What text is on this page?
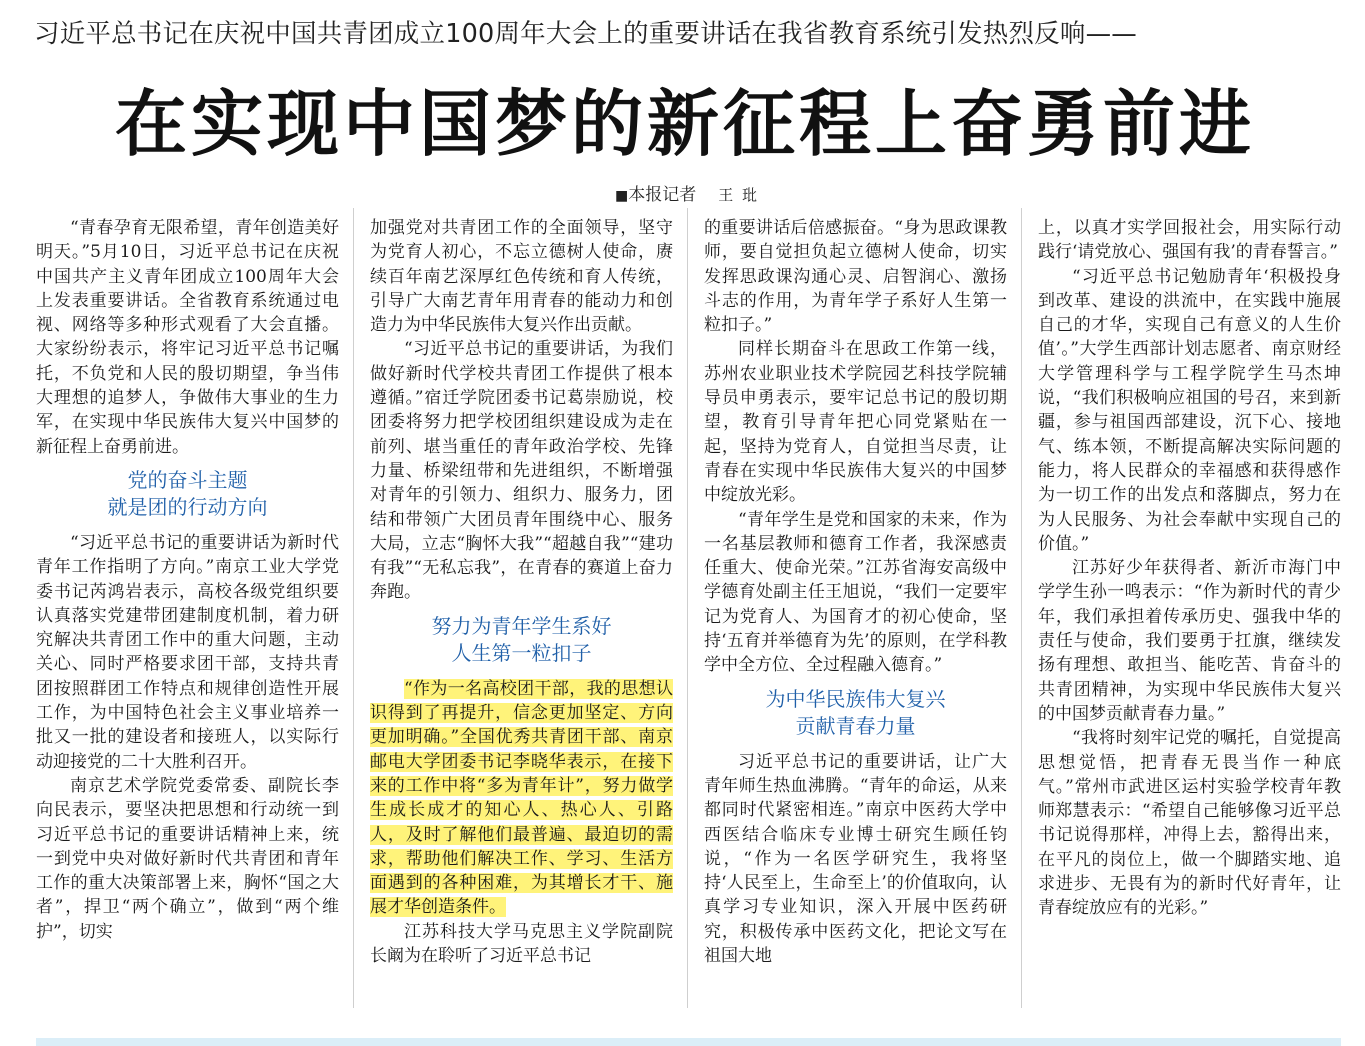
习近平总书记在庆祝中国共青团成立100周年大会上的重要讲话在我省教育系统引发热烈反响——
在实现中国梦的新征程上奋勇前进
■本报记者 王 玭

“青春孕育无限希望，青年创造美好明天。”5月10日，习近平总书记在庆祝中国共产主义青年团成立100周年大会上发表重要讲话。全省教育系统通过电视、网络等多种形式观看了大会直播。大家纷纷表示，将牢记习近平总书记嘱托，不负党和人民的殷切期望，争当伟大理想的追梦人，争做伟大事业的生力军，在实现中华民族伟大复兴中国梦的新征程上奋勇前进。

党的奋斗主题
就是团的行动方向

“习近平总书记的重要讲话为新时代青年工作指明了方向。”南京工业大学党委书记芮鸿岩表示，高校各级党组织要认真落实党建带团建制度机制，着力研究解决共青团工作中的重大问题，主动关心、同时严格要求团干部，支持共青团按照群团工作特点和规律创造性开展工作，为中国特色社会主义事业培养一批又一批的建设者和接班人，以实际行动迎接党的二十大胜利召开。

南京艺术学院党委常委、副院长李向民表示，要坚决把思想和行动统一到习近平总书记的重要讲话精神上来，统一到党中央对做好新时代共青团和青年工作的重大决策部署上来，胸怀“国之大者”，捍卫“两个确立”，做到“两个维护”，切实

加强党对共青团工作的全面领导，坚守为党育人初心，不忘立德树人使命，赓续百年南艺深厚红色传统和育人传统，引导广大南艺青年用青春的能动力和创造力为中华民族伟大复兴作出贡献。

“习近平总书记的重要讲话，为我们做好新时代学校共青团工作提供了根本遵循。”宿迁学院团委书记葛崇励说，校团委将努力把学校团组织建设成为走在前列、堪当重任的青年政治学校、先锋力量、桥梁纽带和先进组织，不断增强对青年的引领力、组织力、服务力，团结和带领广大团员青年围绕中心、服务大局，立志“胸怀大我”“超越自我”“建功有我”“无私忘我”，在青春的赛道上奋力奔跑。

努力为青年学生系好
人生第一粒扣子

“作为一名高校团干部，我的思想认识得到了再提升，信念更加坚定、方向更加明确。”全国优秀共青团干部、南京邮电大学团委书记李晓华表示，在接下来的工作中将“多为青年计”，努力做学生成长成才的知心人、热心人、引路人，及时了解他们最普遍、最迫切的需求，帮助他们解决工作、学习、生活方面遇到的各种困难，为其增长才干、施展才华创造条件。

江苏科技大学马克思主义学院副院长阚为在聆听了习近平总书记

的重要讲话后倍感振奋。“身为思政课教师，要自觉担负起立德树人使命，切实发挥思政课沟通心灵、启智润心、激扬斗志的作用，为青年学子系好人生第一粒扣子。”

同样长期奋斗在思政工作第一线，苏州农业职业技术学院园艺科技学院辅导员申勇表示，要牢记总书记的殷切期望，教育引导青年把心同党紧贴在一起，坚持为党育人，自觉担当尽责，让青春在实现中华民族伟大复兴的中国梦中绽放光彩。

“青年学生是党和国家的未来，作为一名基层教师和德育工作者，我深感责任重大、使命光荣。”江苏省海安高级中学德育处副主任王旭说，“我们一定要牢记为党育人、为国育才的初心使命，坚持‘五育并举德育为先’的原则，在学科教学中全方位、全过程融入德育。”

为中华民族伟大复兴
贡献青春力量

习近平总书记的重要讲话，让广大青年师生热血沸腾。“青年的命运，从来都同时代紧密相连。”南京中医药大学中西医结合临床专业博士研究生顾任钧说，“作为一名医学研究生，我将坚持‘人民至上，生命至上’的价值取向，认真学习专业知识，深入开展中医药研究，积极传承中医药文化，把论文写在祖国大地

上，以真才实学回报社会，用实际行动践行‘请党放心、强国有我’的青春誓言。”

“习近平总书记勉励青年‘积极投身到改革、建设的洪流中，在实践中施展自己的才华，实现自己有意义的人生价值’。”大学生西部计划志愿者、南京财经大学管理科学与工程学院学生马杰坤说，“我们积极响应祖国的号召，来到新疆，参与祖国西部建设，沉下心、接地气、练本领，不断提高解决实际问题的能力，将人民群众的幸福感和获得感作为一切工作的出发点和落脚点，努力在为人民服务、为社会奉献中实现自己的价值。”

江苏好少年获得者、新沂市海门中学学生孙一鸣表示：“作为新时代的青少年，我们承担着传承历史、强我中华的责任与使命，我们要勇于扛旗，继续发扬有理想、敢担当、能吃苦、肯奋斗的共青团精神，为实现中华民族伟大复兴的中国梦贡献青春力量。”

“我将时刻牢记党的嘱托，自觉提高思想觉悟，把青春无畏当作一种底气。”常州市武进区运村实验学校青年教师郑慧表示：“希望自己能够像习近平总书记说得那样，冲得上去，豁得出来，在平凡的岗位上，做一个脚踏实地、追求进步、无畏有为的新时代好青年，让青春绽放应有的光彩。”
